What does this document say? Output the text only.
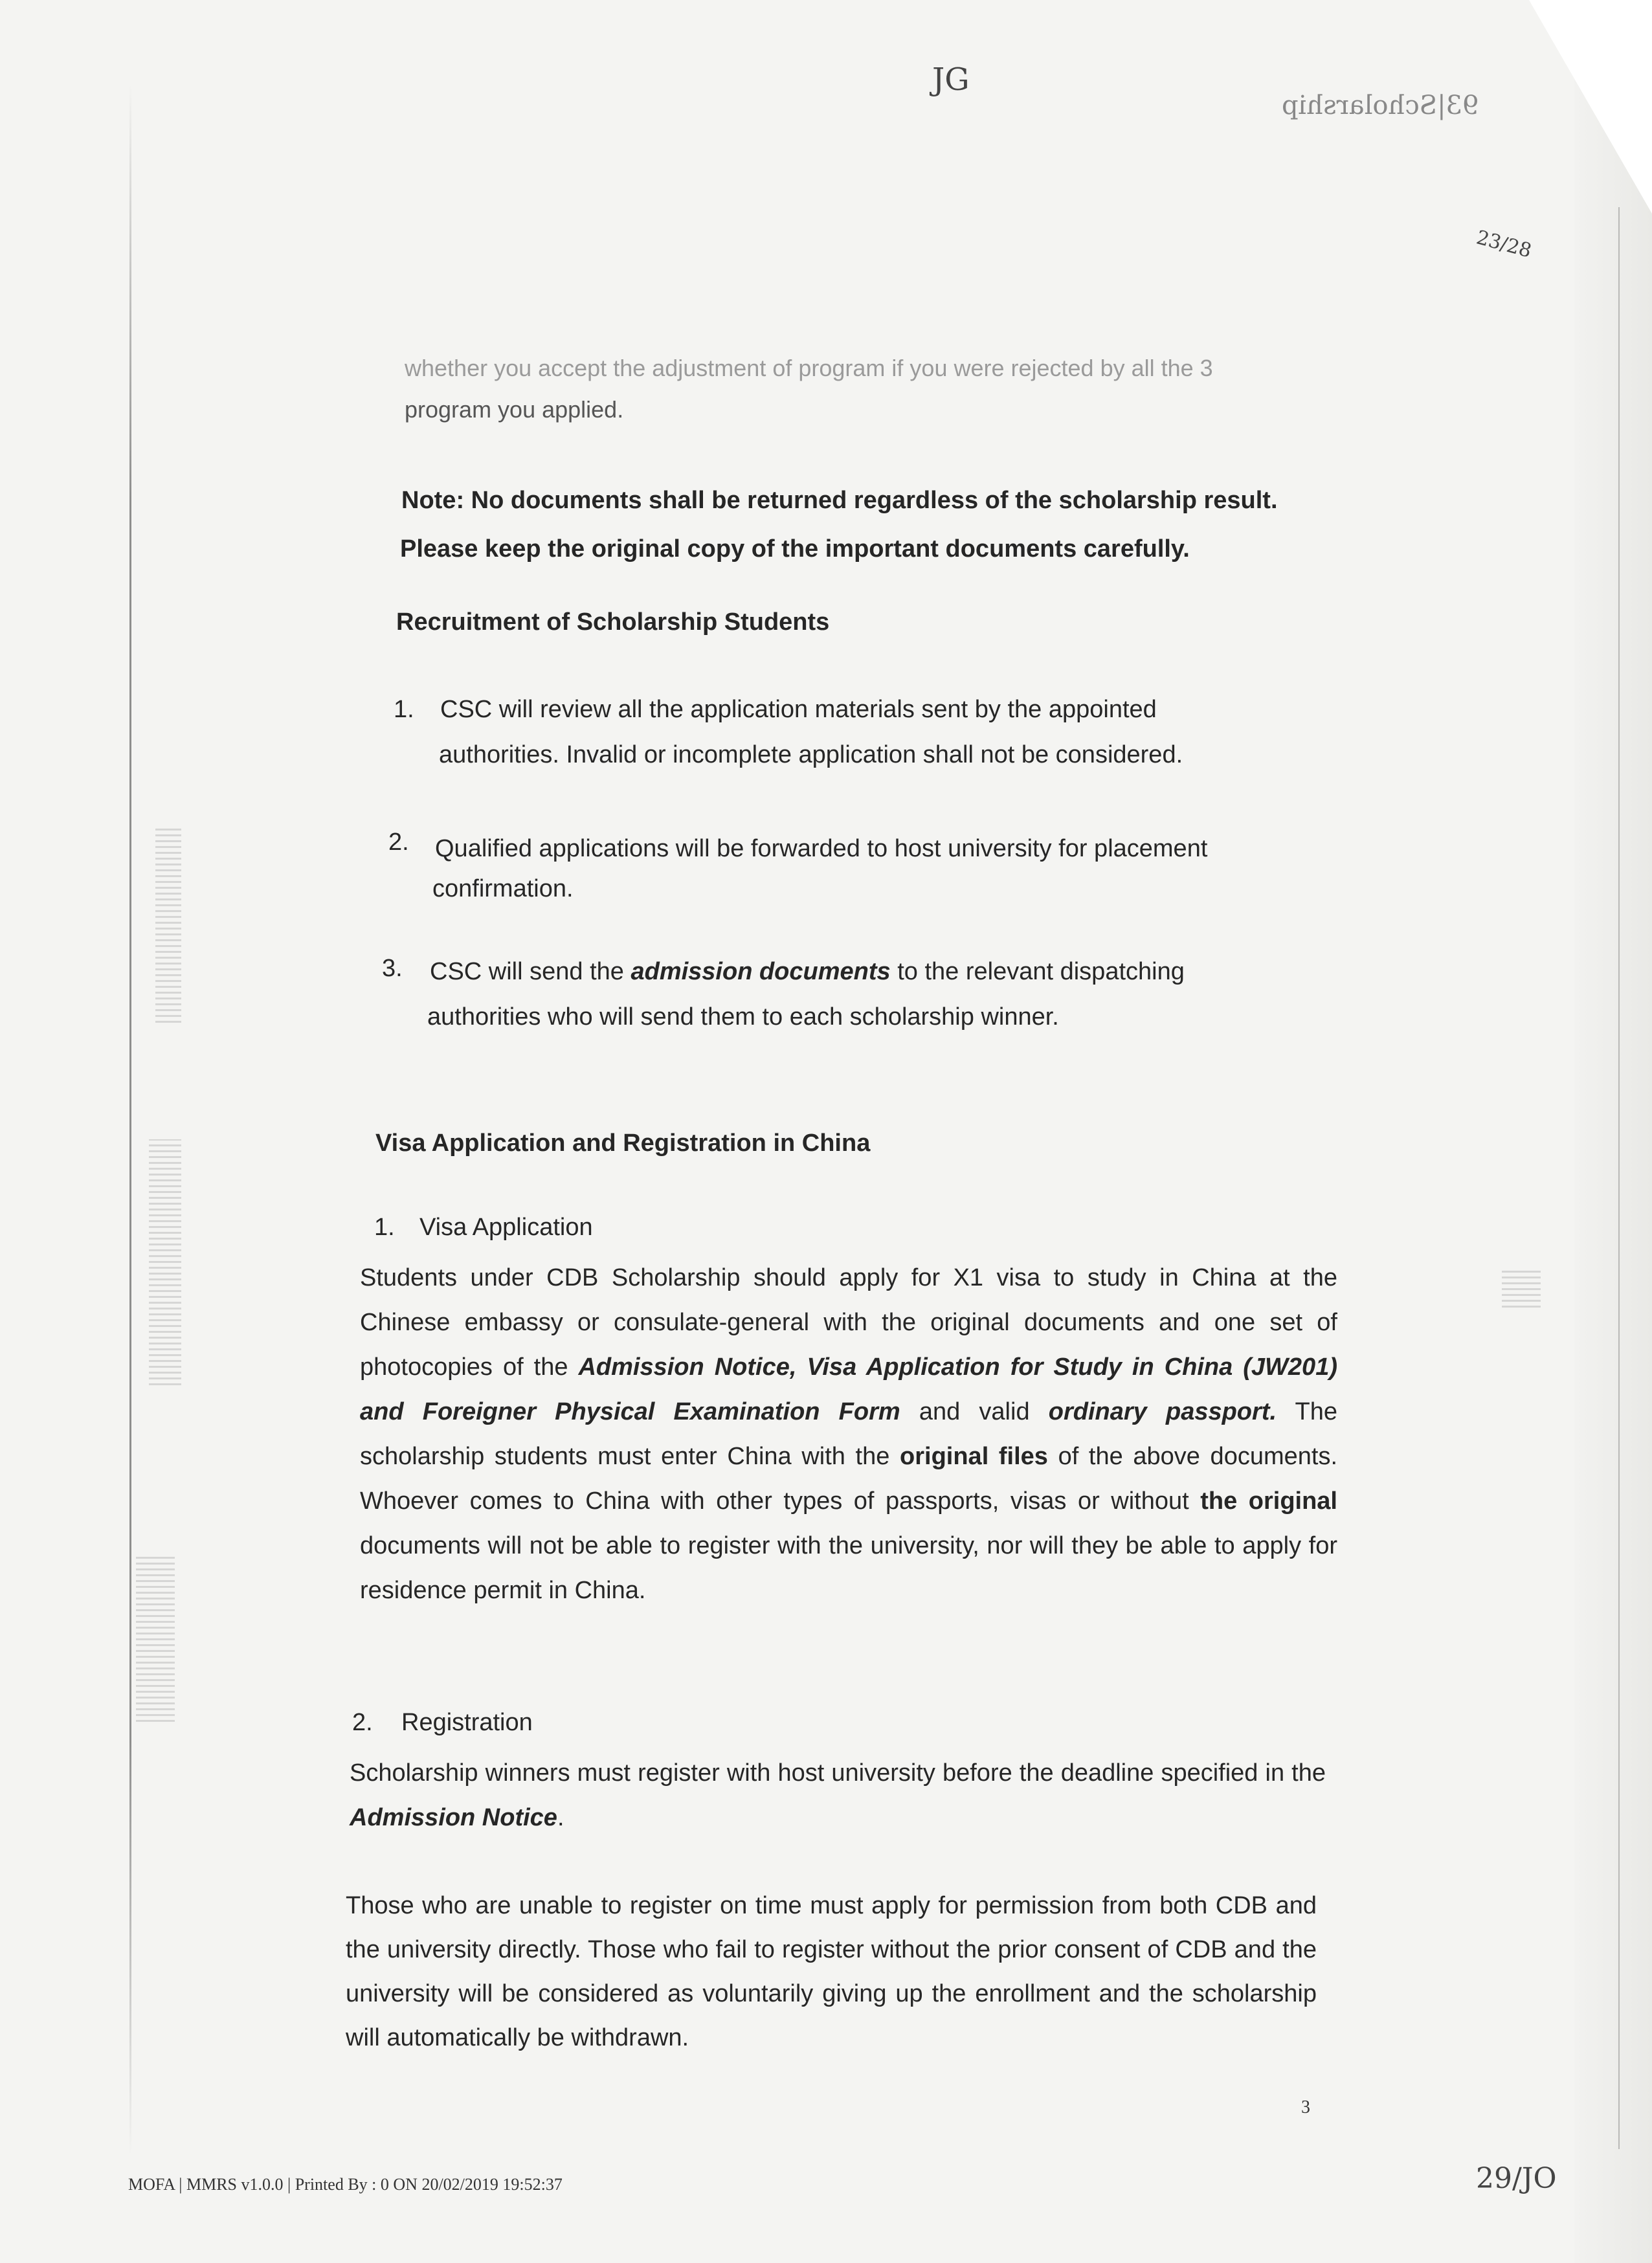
JG
93|Scholarship
23/28
29/JO
whether you accept the adjustment of program if you were rejected by all the 3
program you applied.
Note: No documents shall be returned regardless of the scholarship result.
Please keep the original copy of the important documents carefully.
Recruitment of Scholarship Students
1. CSC will review all the application materials sent by the appointed
authorities. Invalid or incomplete application shall not be considered.
2. Qualified applications will be forwarded to host university for placement
confirmation.
3. CSC will send the admission documents to the relevant dispatching
authorities who will send them to each scholarship winner.
Visa Application and Registration in China
1. Visa Application
Students under CDB Scholarship should apply for X1 visa to study in China at the Chinese embassy or consulate-general with the original documents and one set of photocopies of the Admission Notice, Visa Application for Study in China (JW201) and Foreigner Physical Examination Form and valid ordinary passport. The scholarship students must enter China with the original files of the above documents. Whoever comes to China with other types of passports, visas or without the original documents will not be able to register with the university, nor will they be able to apply for residence permit in China.
2. Registration
Scholarship winners must register with host university before the deadline specified in the Admission Notice.
Those who are unable to register on time must apply for permission from both CDB and the university directly. Those who fail to register without the prior consent of CDB and the university will be considered as voluntarily giving up the enrollment and the scholarship will automatically be withdrawn.
3
MOFA | MMRS v1.0.0 | Printed By : 0 ON 20/02/2019 19:52:37
